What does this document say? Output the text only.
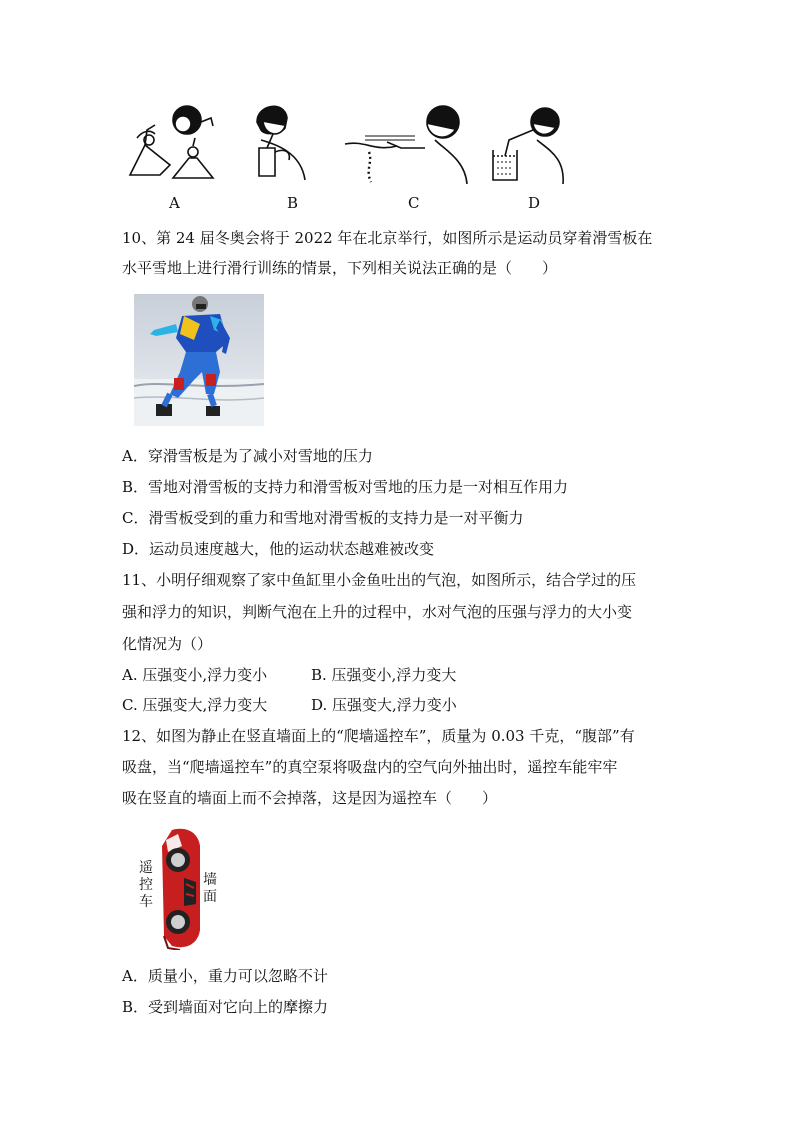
A	B	C	D
10、第 24 届冬奥会将于 2022 年在北京举行，如图所示是运动员穿着滑雪板在
水平雪地上进行滑行训练的情景，下列相关说法正确的是（　　）
A．穿滑雪板是为了减小对雪地的压力
B．雪地对滑雪板的支持力和滑雪板对雪地的压力是一对相互作用力
C．滑雪板受到的重力和雪地对滑雪板的支持力是一对平衡力
D．运动员速度越大，他的运动状态越难被改变
11、小明仔细观察了家中鱼缸里小金鱼吐出的气泡，如图所示，结合学过的压
强和浮力的知识，判断气泡在上升的过程中，水对气泡的压强与浮力的大小变
化情况为（）
A. 压强变小,浮力变小	B. 压强变小,浮力变大
C. 压强变大,浮力变大	D. 压强变大,浮力变小
12、如图为静止在竖直墙面上的“爬墙遥控车”，质量为 0.03 千克，“腹部”有
吸盘，当“爬墙遥控车”的真空泵将吸盘内的空气向外抽出时，遥控车能牢牢
吸在竖直的墙面上而不会掉落，这是因为遥控车（　　）
遥控车
墙面
A．质量小，重力可以忽略不计
B．受到墙面对它向上的摩擦力
